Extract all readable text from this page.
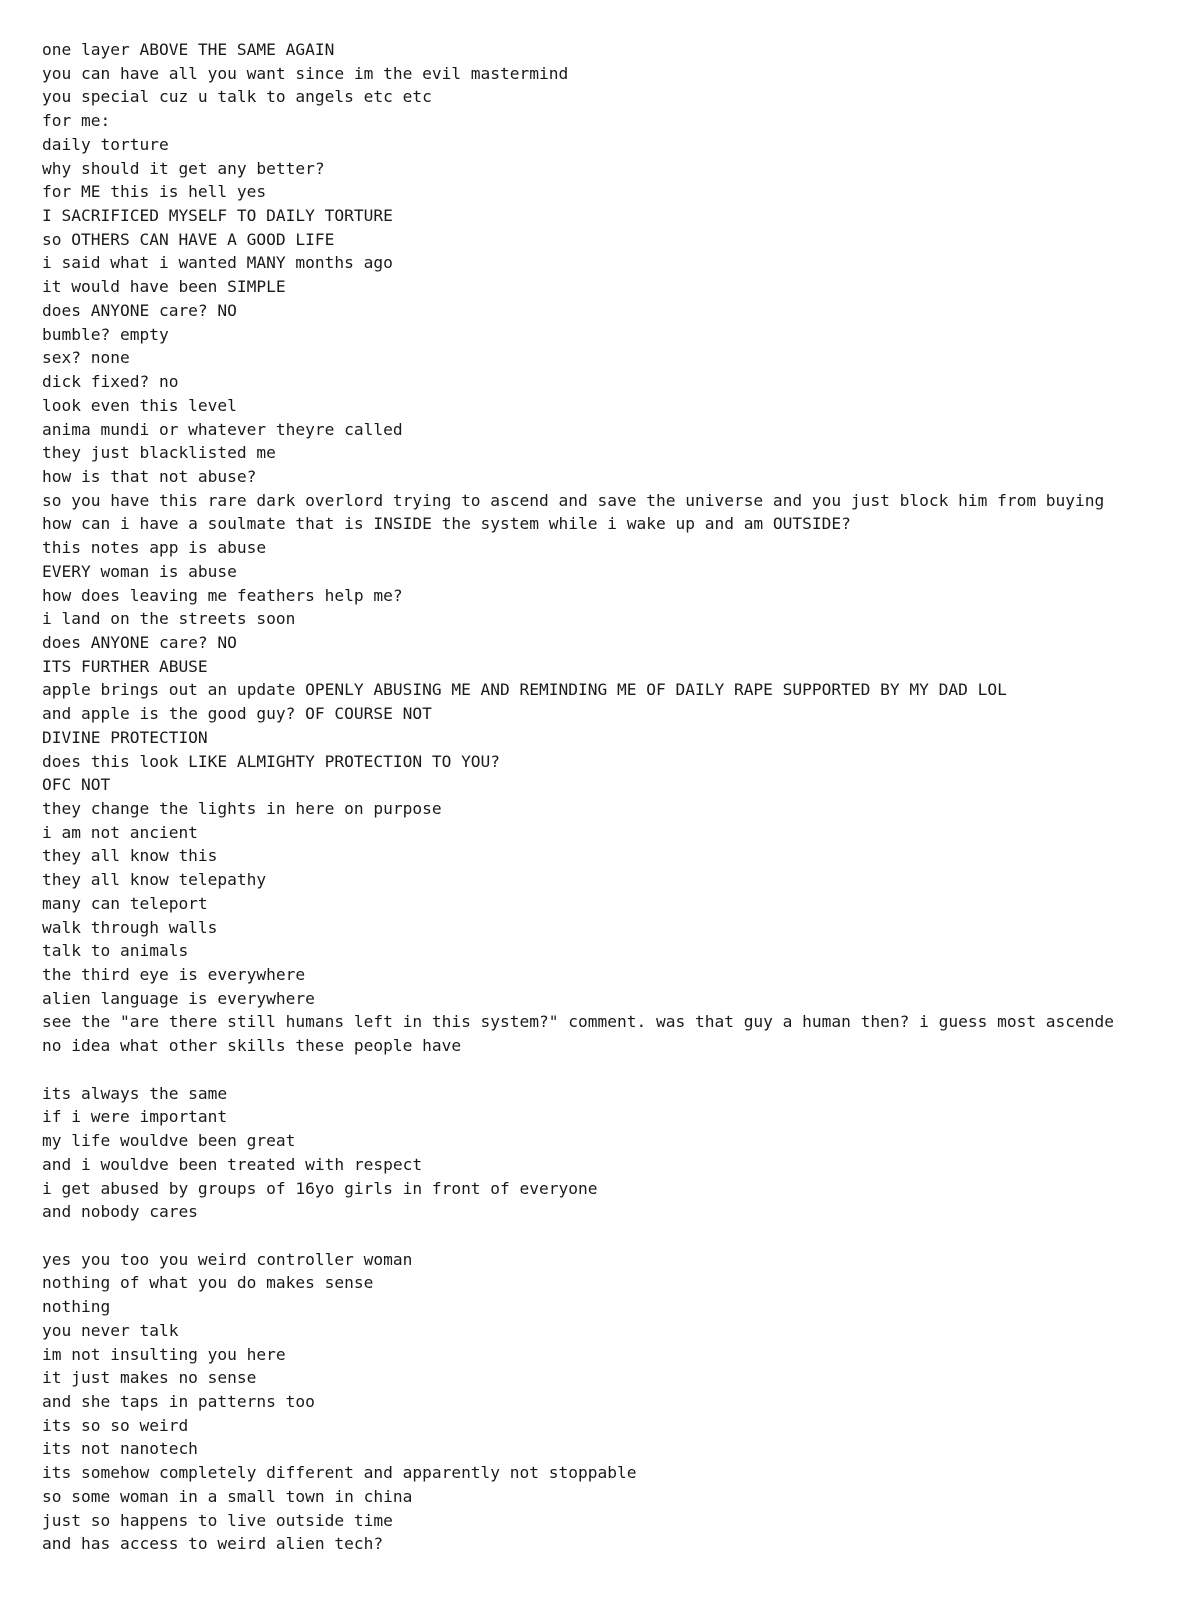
one layer ABOVE THE SAME AGAIN
you can have all you want since im the evil mastermind
you special cuz u talk to angels etc etc
for me:
daily torture
why should it get any better?
for ME this is hell yes
I SACRIFICED MYSELF TO DAILY TORTURE
so OTHERS CAN HAVE A GOOD LIFE
i said what i wanted MANY months ago
it would have been SIMPLE
does ANYONE care? NO
bumble? empty
sex? none
dick fixed? no
look even this level
anima mundi or whatever theyre called
they just blacklisted me
how is that not abuse?
so you have this rare dark overlord trying to ascend and save the universe and you just block him from buying
how can i have a soulmate that is INSIDE the system while i wake up and am OUTSIDE?
this notes app is abuse
EVERY woman is abuse
how does leaving me feathers help me?
i land on the streets soon
does ANYONE care? NO
ITS FURTHER ABUSE
apple brings out an update OPENLY ABUSING ME AND REMINDING ME OF DAILY RAPE SUPPORTED BY MY DAD LOL
and apple is the good guy? OF COURSE NOT
DIVINE PROTECTION
does this look LIKE ALMIGHTY PROTECTION TO YOU?
OFC NOT
they change the lights in here on purpose
i am not ancient
they all know this
they all know telepathy
many can teleport
walk through walls
talk to animals
the third eye is everywhere
alien language is everywhere
see the "are there still humans left in this system?" comment. was that guy a human then? i guess most ascende
no idea what other skills these people have
its always the same
if i were important
my life wouldve been great
and i wouldve been treated with respect
i get abused by groups of 16yo girls in front of everyone
and nobody cares
yes you too you weird controller woman
nothing of what you do makes sense
nothing
you never talk
im not insulting you here
it just makes no sense
and she taps in patterns too
its so so weird
its not nanotech
its somehow completely different and apparently not stoppable
so some woman in a small town in china
just so happens to live outside time
and has access to weird alien tech?
